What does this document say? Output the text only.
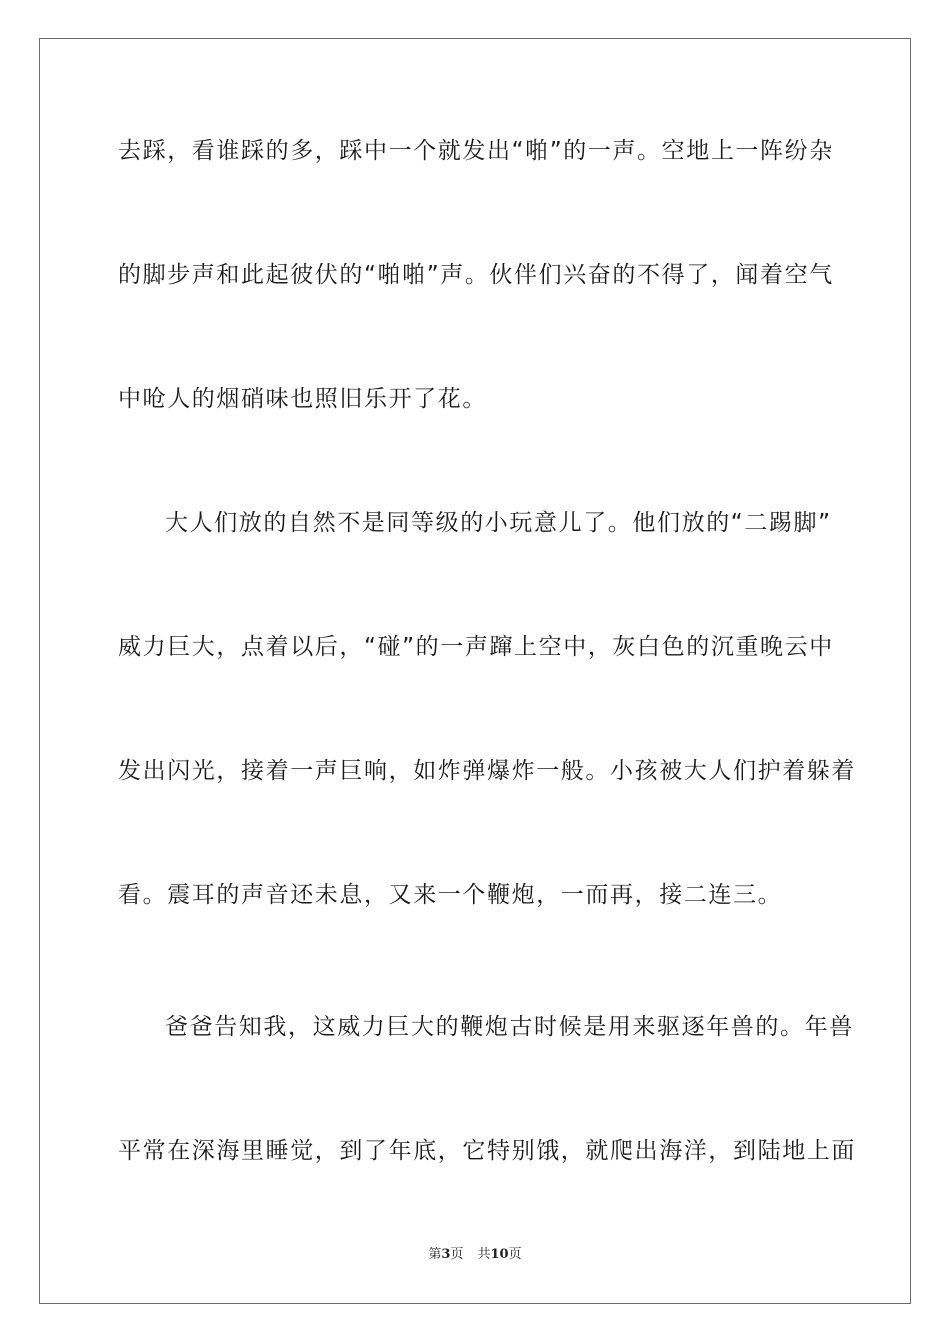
去踩，看谁踩的多，踩中一个就发出“啪”的一声。空地上一阵纷杂
的脚步声和此起彼伏的“啪啪”声。伙伴们兴奋的不得了，闻着空气
中呛人的烟硝味也照旧乐开了花。
大人们放的自然不是同等级的小玩意儿了。他们放的“二踢脚”
威力巨大，点着以后，“碰”的一声蹿上空中，灰白色的沉重晚云中
发出闪光，接着一声巨响，如炸弹爆炸一般。小孩被大人们护着躲着
看。震耳的声音还未息，又来一个鞭炮，一而再，接二连三。
爸爸告知我，这威力巨大的鞭炮古时候是用来驱逐年兽的。年兽
平常在深海里睡觉，到了年底，它特别饿，就爬出海洋，到陆地上面
第3页 共10页
